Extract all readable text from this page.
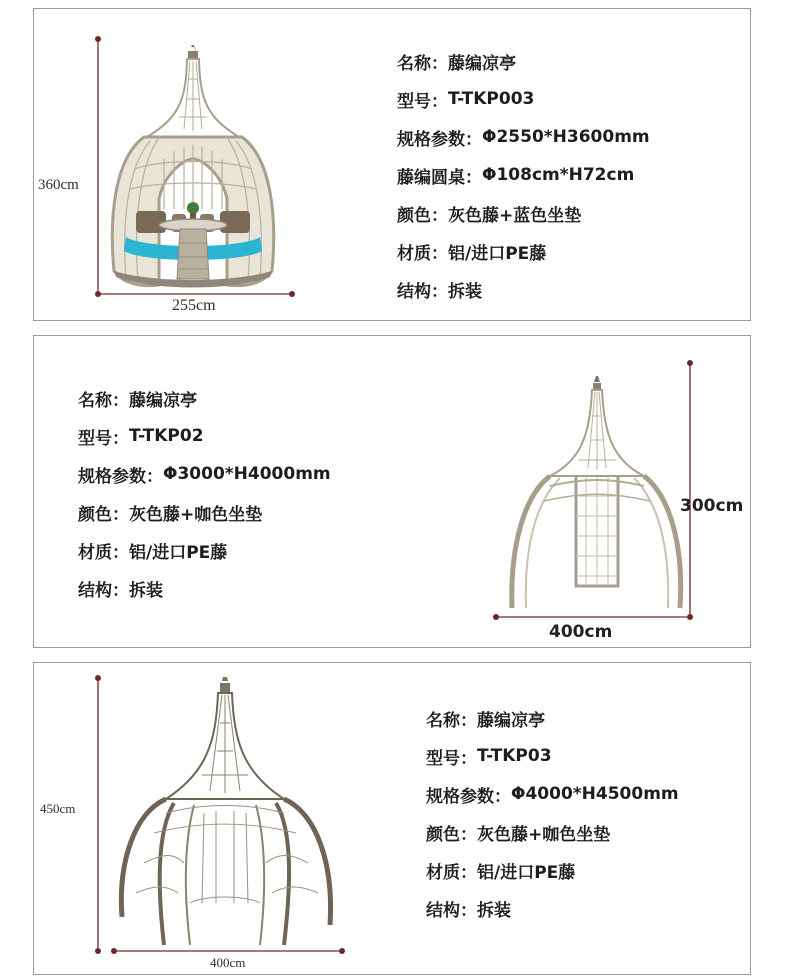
360cm
255cm
名称： 藤编凉亭
型号： T-TKP003
规格参数： Φ2550*H3600mm
藤编圆桌： Φ108cm*H72cm
颜色： 灰色藤+蓝色坐垫
材质： 铝/进口PE藤
结构： 拆装
名称： 藤编凉亭
型号： T-TKP02
规格参数： Φ3000*H4000mm
颜色： 灰色藤+咖色坐垫
材质： 铝/进口PE藤
结构： 拆装
300cm
400cm
450cm
400cm
名称： 藤编凉亭
型号： T-TKP03
规格参数： Φ4000*H4500mm
颜色： 灰色藤+咖色坐垫
材质： 铝/进口PE藤
结构： 拆装
